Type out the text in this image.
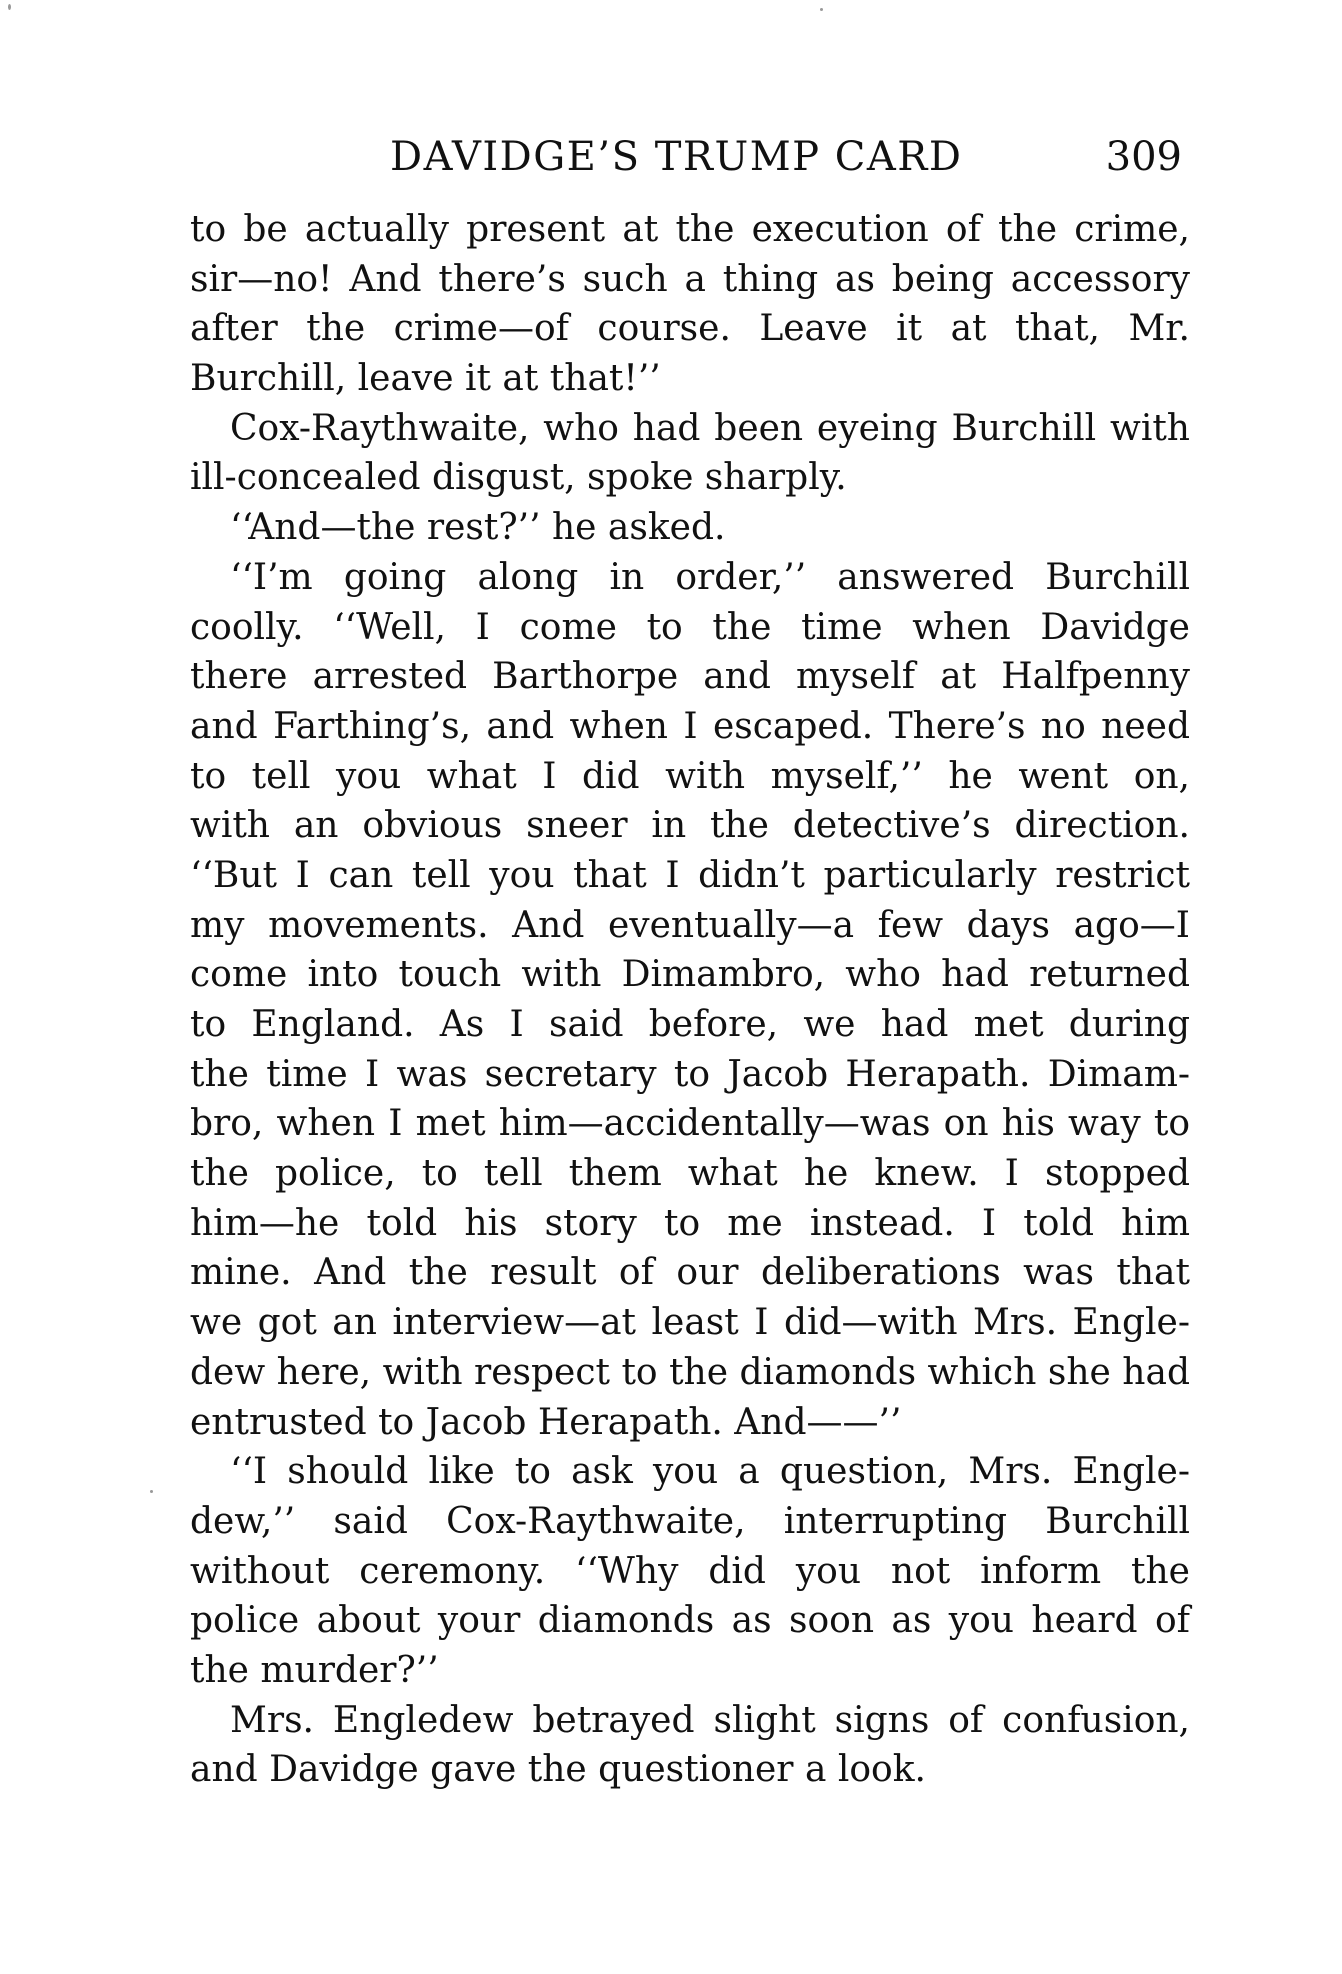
DAVIDGE’S TRUMP CARD	309
to be actually present at the execution of the crime,
sir—no! And there’s such a thing as being accessory
after the crime—of course. Leave it at that, Mr.
Burchill, leave it at that!’’
Cox-Raythwaite, who had been eyeing Burchill with
ill-concealed disgust, spoke sharply.
‘‘And—the rest?’’ he asked.
‘‘I’m going along in order,’’ answered Burchill
coolly. ‘‘Well, I come to the time when Davidge
there arrested Barthorpe and myself at Halfpenny
and Farthing’s, and when I escaped. There’s no need
to tell you what I did with myself,’’ he went on,
with an obvious sneer in the detective’s direction.
‘‘But I can tell you that I didn’t particularly restrict
my movements. And eventually—a few days ago—I
come into touch with Dimambro, who had returned
to England. As I said before, we had met during
the time I was secretary to Jacob Herapath. Dimam-
bro, when I met him—accidentally—was on his way to
the police, to tell them what he knew. I stopped
him—he told his story to me instead. I told him
mine. And the result of our deliberations was that
we got an interview—at least I did—with Mrs. Engle-
dew here, with respect to the diamonds which she had
entrusted to Jacob Herapath. And——’’
‘‘I should like to ask you a question, Mrs. Engle-
dew,’’ said Cox-Raythwaite, interrupting Burchill
without ceremony. ‘‘Why did you not inform the
police about your diamonds as soon as you heard of
the murder?’’
Mrs. Engledew betrayed slight signs of confusion,
and Davidge gave the questioner a look.
